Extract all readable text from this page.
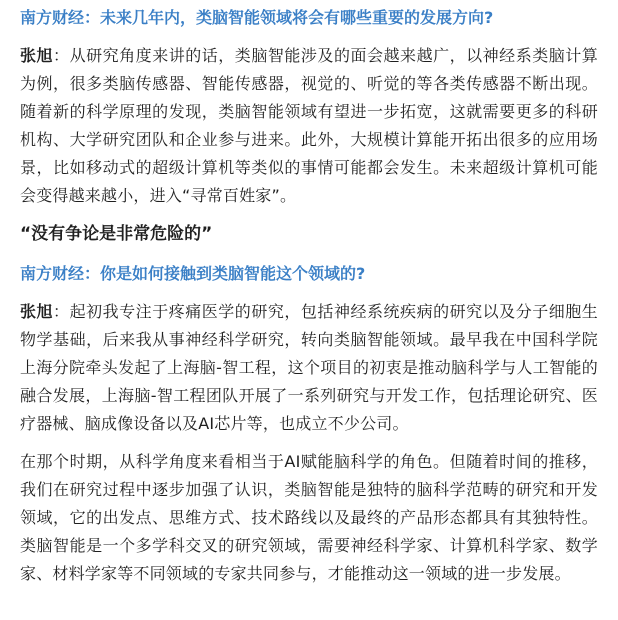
南方财经：未来几年内，类脑智能领域将会有哪些重要的发展方向?
张旭：从研究角度来讲的话，类脑智能涉及的面会越来越广，以神经系类脑计算为例，很多类脑传感器、智能传感器，视觉的、听觉的等各类传感器不断出现。随着新的科学原理的发现，类脑智能领域有望进一步拓宽，这就需要更多的科研机构、大学研究团队和企业参与进来。此外，大规模计算能开拓出很多的应用场景，比如移动式的超级计算机等类似的事情可能都会发生。未来超级计算机可能会变得越来越小，进入“寻常百姓家”。
“没有争论是非常危险的”
南方财经：你是如何接触到类脑智能这个领域的?
张旭：起初我专注于疼痛医学的研究，包括神经系统疾病的研究以及分子细胞生物学基础，后来我从事神经科学研究，转向类脑智能领域。最早我在中国科学院上海分院牵头发起了上海脑-智工程，这个项目的初衷是推动脑科学与人工智能的融合发展，上海脑-智工程团队开展了一系列研究与开发工作，包括理论研究、医疗器械、脑成像设备以及AI芯片等，也成立不少公司。
在那个时期，从科学角度来看相当于AI赋能脑科学的角色。但随着时间的推移，我们在研究过程中逐步加强了认识，类脑智能是独特的脑科学范畴的研究和开发领域，它的出发点、思维方式、技术路线以及最终的产品形态都具有其独特性。类脑智能是一个多学科交叉的研究领域，需要神经科学家、计算机科学家、数学家、材料学家等不同领域的专家共同参与，才能推动这一领域的进一步发展。
